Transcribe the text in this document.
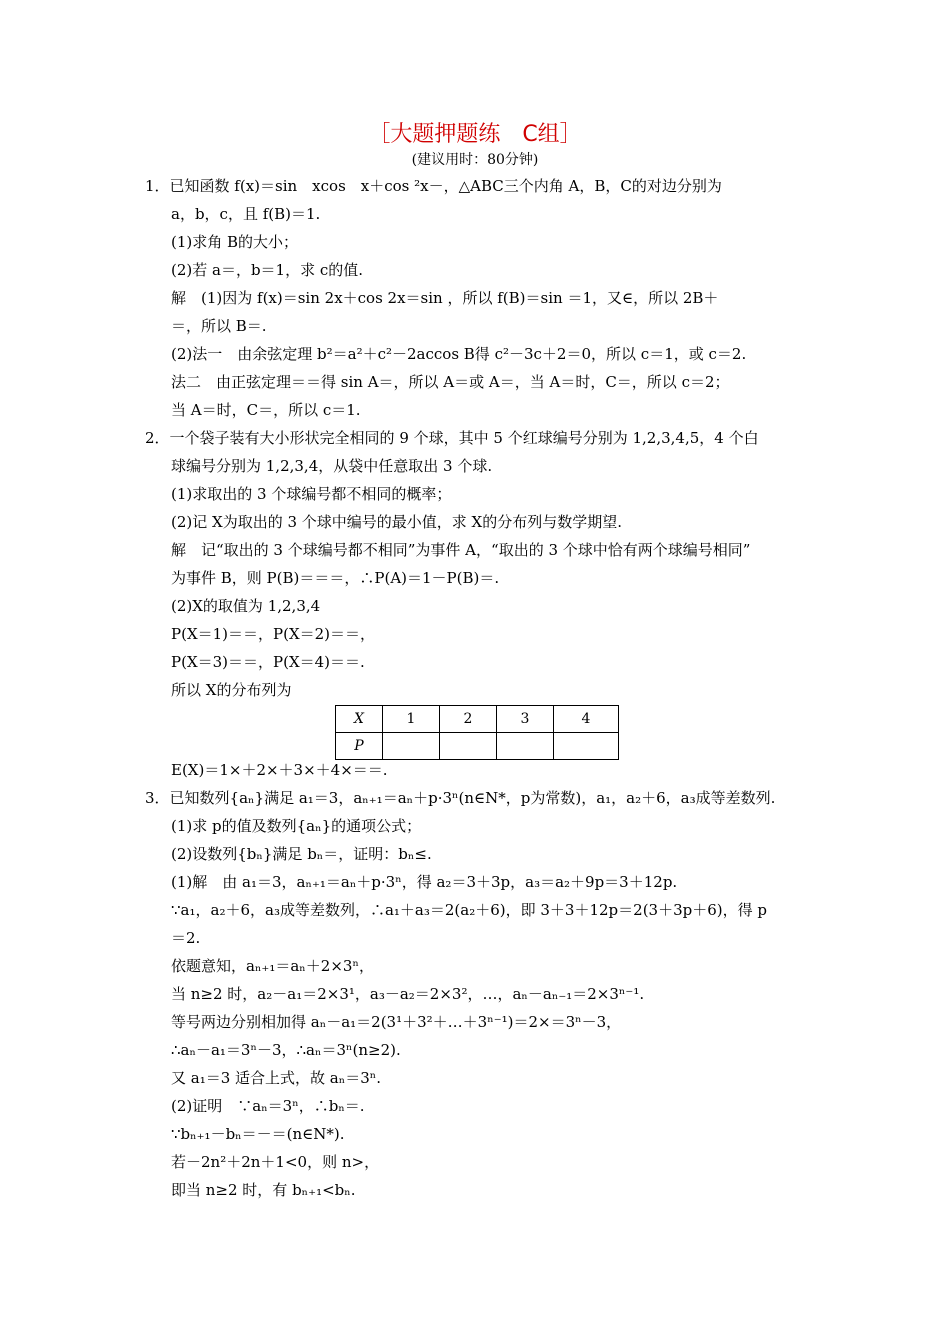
［大题押题练　C组］
(建议用时：80分钟)
1．已知函数 f(x)＝sin　xcos　x＋cos ²x－，△ABC三个内角 A，B，C的对边分别为
a，b，c，且 f(B)＝1.
(1)求角 B的大小；
(2)若 a＝，b＝1，求 c的值.
解　(1)因为 f(x)＝sin 2x＋cos 2x＝sin ，所以 f(B)＝sin ＝1，又∈，所以 2B＋
＝，所以 B＝.
(2)法一　由余弦定理 b²＝a²＋c²－2accos B得 c²－3c＋2＝0，所以 c＝1，或 c＝2.
法二　由正弦定理＝＝得 sin A＝，所以 A＝或 A＝，当 A＝时，C＝，所以 c＝2；
当 A＝时，C＝，所以 c＝1.
2．一个袋子装有大小形状完全相同的 9 个球，其中 5 个红球编号分别为 1,2,3,4,5，4 个白
球编号分别为 1,2,3,4，从袋中任意取出 3 个球.
(1)求取出的 3 个球编号都不相同的概率；
(2)记 X为取出的 3 个球中编号的最小值，求 X的分布列与数学期望.
解　记“取出的 3 个球编号都不相同”为事件 A，“取出的 3 个球中恰有两个球编号相同”
为事件 B，则 P(B)＝＝＝，∴P(A)＝1－P(B)＝.
(2)X的取值为 1,2,3,4
P(X＝1)＝＝，P(X＝2)＝＝，
P(X＝3)＝＝，P(X＝4)＝＝.
所以 X的分布列为
X	1	2	3	4
P				
E(X)＝1×＋2×＋3×＋4×＝＝.
3．已知数列{aₙ}满足 a₁＝3，aₙ₊₁＝aₙ＋p·3ⁿ(n∈N*，p为常数)，a₁，a₂＋6，a₃成等差数列.
(1)求 p的值及数列{aₙ}的通项公式；
(2)设数列{bₙ}满足 bₙ＝，证明：bₙ≤.
(1)解　由 a₁＝3，aₙ₊₁＝aₙ＋p·3ⁿ，得 a₂＝3＋3p，a₃＝a₂＋9p＝3＋12p.
∵a₁，a₂＋6，a₃成等差数列，∴a₁＋a₃＝2(a₂＋6)，即 3＋3＋12p＝2(3＋3p＋6)，得 p
＝2.
依题意知，aₙ₊₁＝aₙ＋2×3ⁿ，
当 n≥2 时，a₂－a₁＝2×3¹，a₃－a₂＝2×3²，…，aₙ－aₙ₋₁＝2×3ⁿ⁻¹.
等号两边分别相加得 aₙ－a₁＝2(3¹＋3²＋…＋3ⁿ⁻¹)＝2×＝3ⁿ－3，
∴aₙ－a₁＝3ⁿ－3，∴aₙ＝3ⁿ(n≥2).
又 a₁＝3 适合上式，故 aₙ＝3ⁿ.
(2)证明　∵aₙ＝3ⁿ，∴bₙ＝.
∵bₙ₊₁－bₙ＝－＝(n∈N*).
若－2n²＋2n＋1<0，则 n>，
即当 n≥2 时，有 bₙ₊₁<bₙ.
